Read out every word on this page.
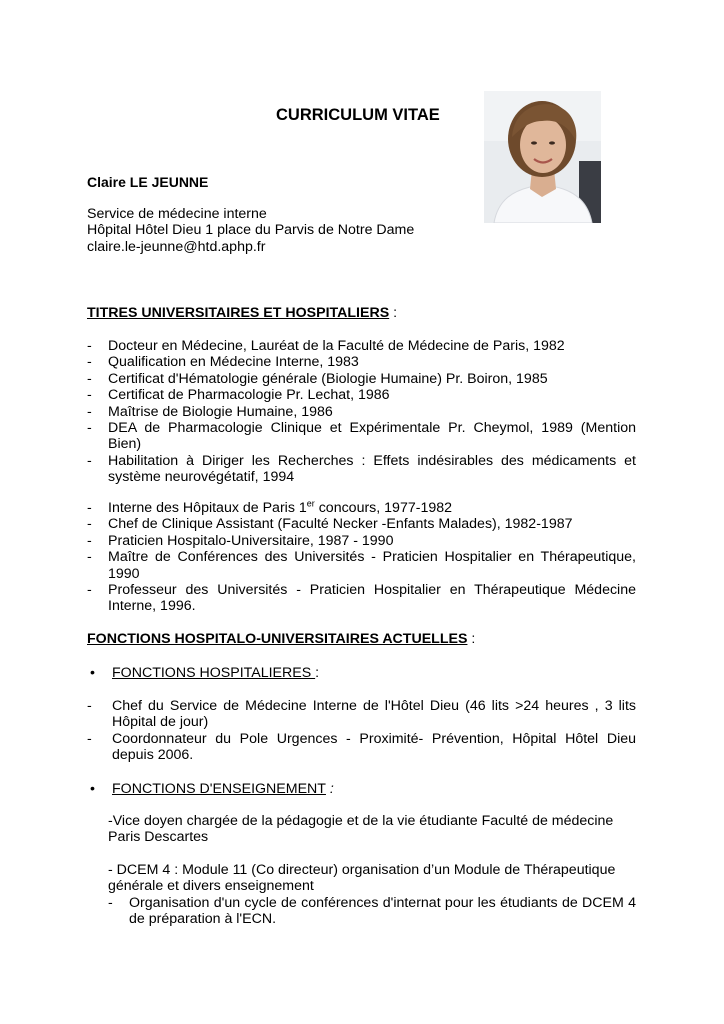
CURRICULUM VITAE
Claire LE JEUNNE
Service de médecine interne
Hôpital Hôtel Dieu 1 place du Parvis de Notre Dame
claire.le-jeunne@htd.aphp.fr
TITRES UNIVERSITAIRES ET HOSPITALIERS :
- Docteur en Médecine, Lauréat de la Faculté de Médecine de Paris, 1982
- Qualification en Médecine Interne, 1983
- Certificat d'Hématologie générale (Biologie Humaine) Pr. Boiron, 1985
- Certificat de Pharmacologie Pr. Lechat, 1986
- Maîtrise de Biologie Humaine, 1986
- DEA de Pharmacologie Clinique et Expérimentale Pr. Cheymol, 1989 (Mention Bien)
- Habilitation à Diriger les Recherches : Effets indésirables des médicaments et système neurovégétatif, 1994
- Interne des Hôpitaux de Paris 1er concours, 1977-1982
- Chef de Clinique Assistant (Faculté Necker -Enfants Malades), 1982-1987
- Praticien Hospitalo-Universitaire, 1987 - 1990
- Maître de Conférences des Universités - Praticien Hospitalier en Thérapeutique, 1990
- Professeur des Universités - Praticien Hospitalier en Thérapeutique Médecine Interne, 1996.
FONCTIONS HOSPITALO-UNIVERSITAIRES ACTUELLES :
• FONCTIONS HOSPITALIERES :
- Chef du Service de Médecine Interne de l'Hôtel Dieu (46 lits >24 heures , 3 lits Hôpital de jour)
- Coordonnateur du Pole Urgences - Proximité- Prévention, Hôpital Hôtel Dieu depuis 2006.
• FONCTIONS D'ENSEIGNEMENT :
-Vice doyen chargée de la pédagogie et de la vie étudiante Faculté de médecine Paris Descartes
- DCEM 4 : Module 11 (Co directeur) organisation d’un Module de Thérapeutique générale et divers enseignement
- Organisation d'un cycle de conférences d'internat pour les étudiants de DCEM 4 de préparation à l'ECN.
